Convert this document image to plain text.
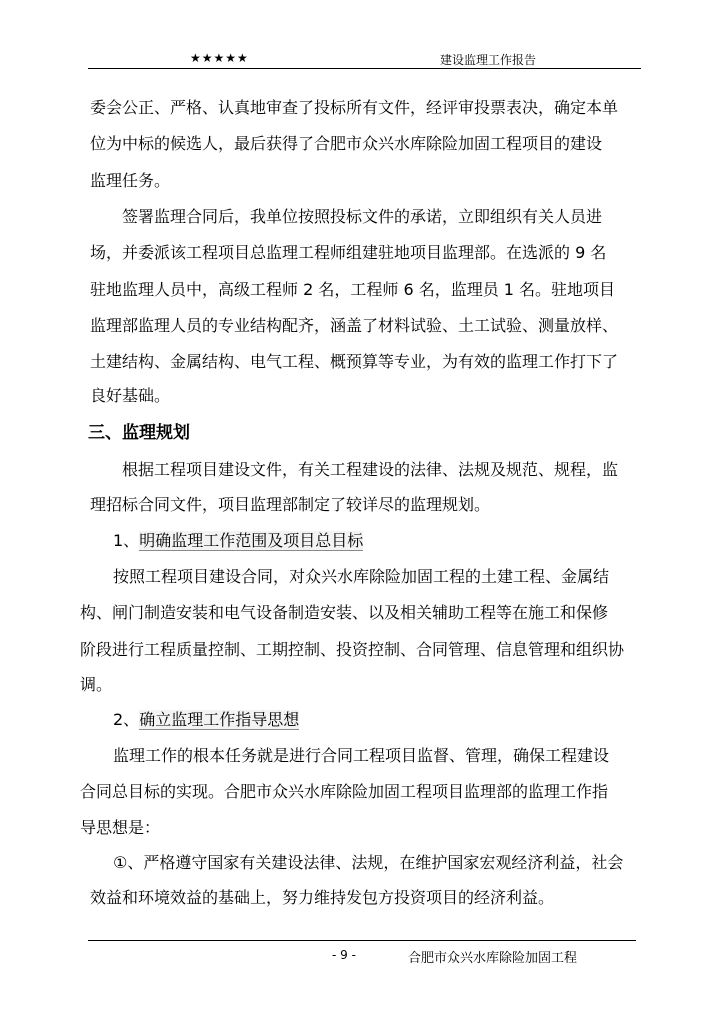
★★★★★	建设监理工作报告
委会公正、严格、认真地审查了投标所有文件，经评审投票表决，确定本单
位为中标的候选人，最后获得了合肥市众兴水库除险加固工程项目的建设
监理任务。
签署监理合同后，我单位按照投标文件的承诺，立即组织有关人员进
场，并委派该工程项目总监理工程师组建驻地项目监理部。在选派的 9 名
驻地监理人员中，高级工程师 2 名，工程师 6 名，监理员 1 名。驻地项目
监理部监理人员的专业结构配齐，涵盖了材料试验、土工试验、测量放样、
土建结构、金属结构、电气工程、概预算等专业，为有效的监理工作打下了
良好基础。
三、监理规划
根据工程项目建设文件，有关工程建设的法律、法规及规范、规程，监
理招标合同文件，项目监理部制定了较详尽的监理规划。
1、明确监理工作范围及项目总目标
按照工程项目建设合同，对众兴水库除险加固工程的土建工程、金属结
构、闸门制造安装和电气设备制造安装、以及相关辅助工程等在施工和保修
阶段进行工程质量控制、工期控制、投资控制、合同管理、信息管理和组织协
调。
2、确立监理工作指导思想
监理工作的根本任务就是进行合同工程项目监督、管理，确保工程建设
合同总目标的实现。合肥市众兴水库除险加固工程项目监理部的监理工作指
导思想是：
①、严格遵守国家有关建设法律、法规，在维护国家宏观经济利益，社会
效益和环境效益的基础上，努力维持发包方投资项目的经济利益。
- 9 -	合肥市众兴水库除险加固工程
